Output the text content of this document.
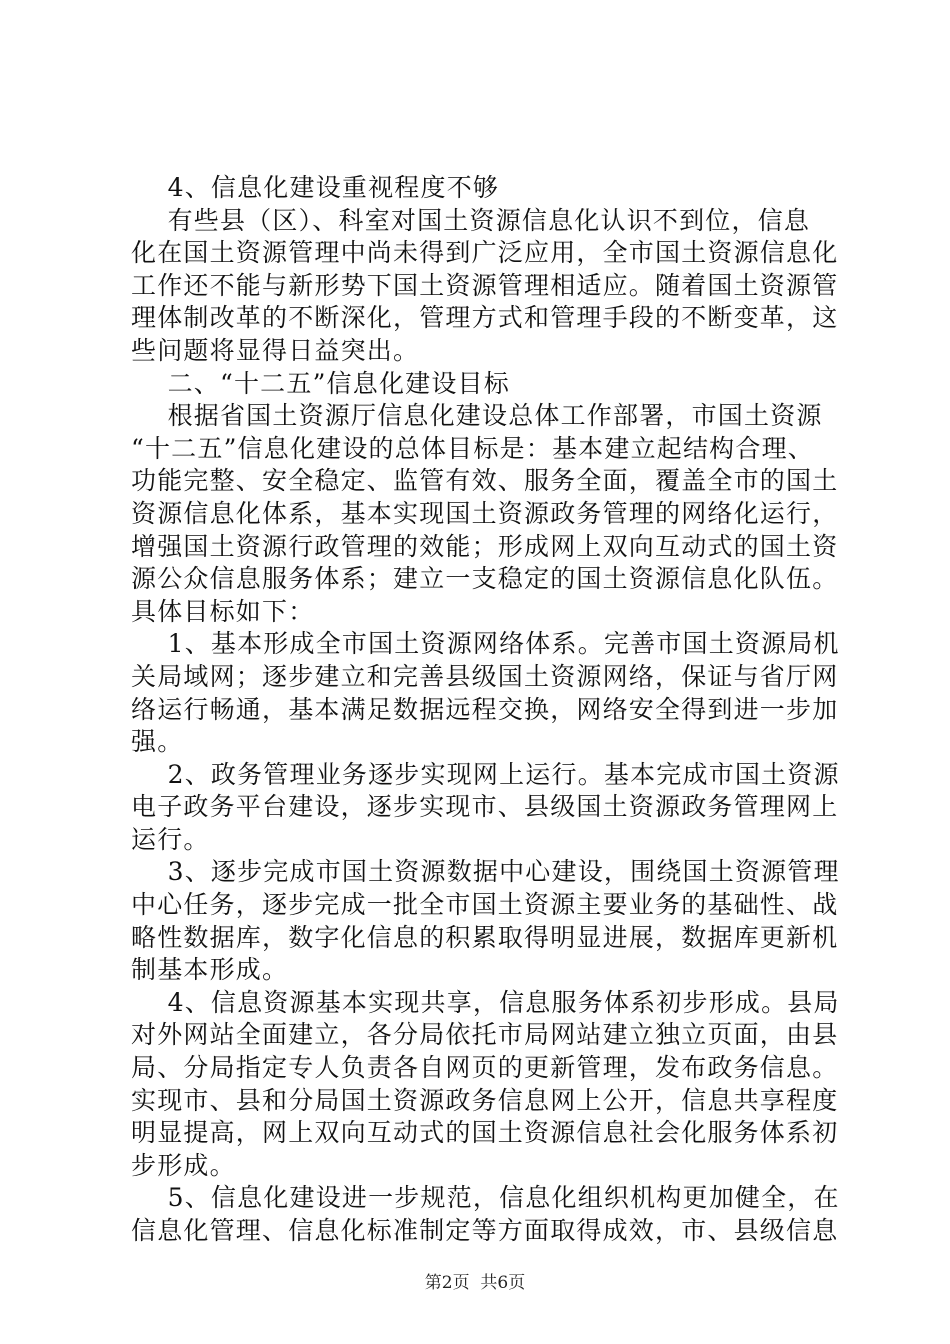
4、信息化建设重视程度不够
有些县（区）、科室对国土资源信息化认识不到位，信息
化在国土资源管理中尚未得到广泛应用，全市国土资源信息化
工作还不能与新形势下国土资源管理相适应。随着国土资源管
理体制改革的不断深化，管理方式和管理手段的不断变革，这
些问题将显得日益突出。
二、“十二五”信息化建设目标
根据省国土资源厅信息化建设总体工作部署，市国土资源
“十二五”信息化建设的总体目标是：基本建立起结构合理、
功能完整、安全稳定、监管有效、服务全面，覆盖全市的国土
资源信息化体系，基本实现国土资源政务管理的网络化运行，
增强国土资源行政管理的效能；形成网上双向互动式的国土资
源公众信息服务体系；建立一支稳定的国土资源信息化队伍。
具体目标如下：
1、基本形成全市国土资源网络体系。完善市国土资源局机
关局域网；逐步建立和完善县级国土资源网络，保证与省厅网
络运行畅通，基本满足数据远程交换，网络安全得到进一步加
强。
2、政务管理业务逐步实现网上运行。基本完成市国土资源
电子政务平台建设，逐步实现市、县级国土资源政务管理网上
运行。
3、逐步完成市国土资源数据中心建设，围绕国土资源管理
中心任务，逐步完成一批全市国土资源主要业务的基础性、战
略性数据库，数字化信息的积累取得明显进展，数据库更新机
制基本形成。
4、信息资源基本实现共享，信息服务体系初步形成。县局
对外网站全面建立，各分局依托市局网站建立独立页面，由县
局、分局指定专人负责各自网页的更新管理，发布政务信息。
实现市、县和分局国土资源政务信息网上公开，信息共享程度
明显提高，网上双向互动式的国土资源信息社会化服务体系初
步形成。
5、信息化建设进一步规范，信息化组织机构更加健全，在
信息化管理、信息化标准制定等方面取得成效，市、县级信息
第2页  共6页
